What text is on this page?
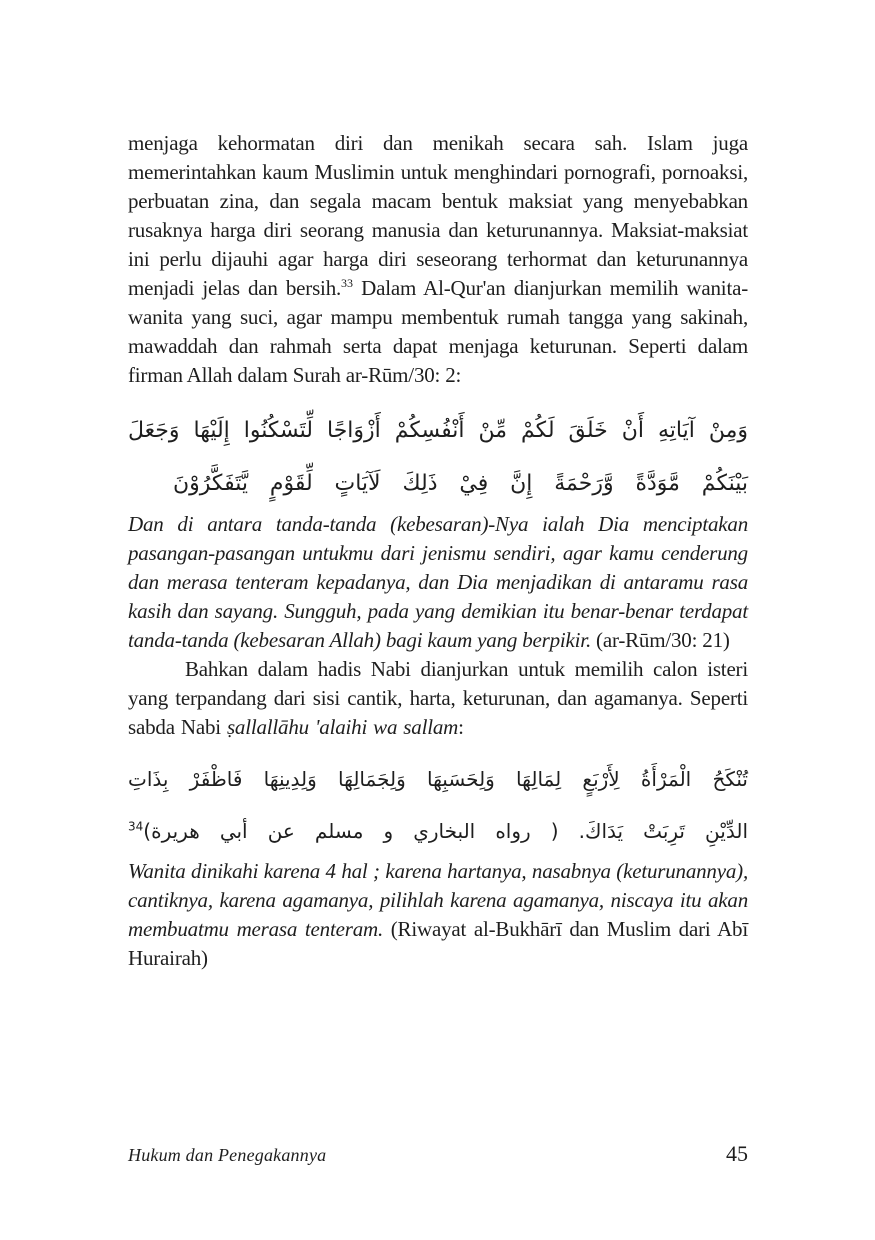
menjaga kehormatan diri dan menikah secara sah. Islam juga memerintahkan kaum Muslimin untuk menghindari pornografi, pornoaksi, perbuatan zina, dan segala macam bentuk maksiat yang menyebabkan rusaknya harga diri seorang manusia dan keturunannya. Maksiat-maksiat ini perlu dijauhi agar harga diri seseorang terhormat dan keturunannya menjadi jelas dan bersih.$^{33}$ Dalam Al-Qur'an dianjurkan memilih wanita-wanita yang suci, agar mampu membentuk rumah tangga yang sakinah, mawaddah dan rahmah serta dapat menjaga keturunan. Seperti dalam firman Allah dalam Surah ar-Rūm/30: 2:

وَمِنْ آيَاتِهِ أَنْ خَلَقَ لَكُمْ مِّنْ أَنْفُسِكُمْ أَزْوَاجًا لِّتَسْكُنُوا إِلَيْهَا وَجَعَلَ
بَيْنَكُمْ مَّوَدَّةً وَّرَحْمَةً إِنَّ فِيْ ذَلِكَ لَآيَاتٍ لِّقَوْمٍ يَّتَفَكَّرُوْنَ

Dan di antara tanda-tanda (kebesaran)-Nya ialah Dia menciptakan pasangan-pasangan untukmu dari jenismu sendiri, agar kamu cenderung dan merasa tenteram kepadanya, dan Dia menjadikan di antaramu rasa kasih dan sayang. Sungguh, pada yang demikian itu benar-benar terdapat tanda-tanda (kebesaran Allah) bagi kaum yang berpikir. (ar-Rūm/30: 21)

Bahkan dalam hadis Nabi dianjurkan untuk memilih calon isteri yang terpandang dari sisi cantik, harta, keturunan, dan agamanya. Seperti sabda Nabi ṣallallāhu 'alaihi wa sallam:

تُنْكَحُ الْمَرْأَةُ لِأَرْبَعٍ لِمَالِهَا وَلِحَسَبِهَا وَلِجَمَالِهَا وَلِدِينِهَا فَاظْفَرْ بِذَاتِ
الدِّيْنِ تَرِبَتْ يَدَاكَ. ( رواه البخاري و مسلم عن أبي هريرة)$^{34}$

Wanita dinikahi karena 4 hal ; karena hartanya, nasabnya (keturunannya), cantiknya, karena agamanya, pilihlah karena agamanya, niscaya itu akan membuatmu merasa tenteram. (Riwayat al-Bukhārī dan Muslim dari Abī Hurairah)

Hukum dan Penegakannya	45
